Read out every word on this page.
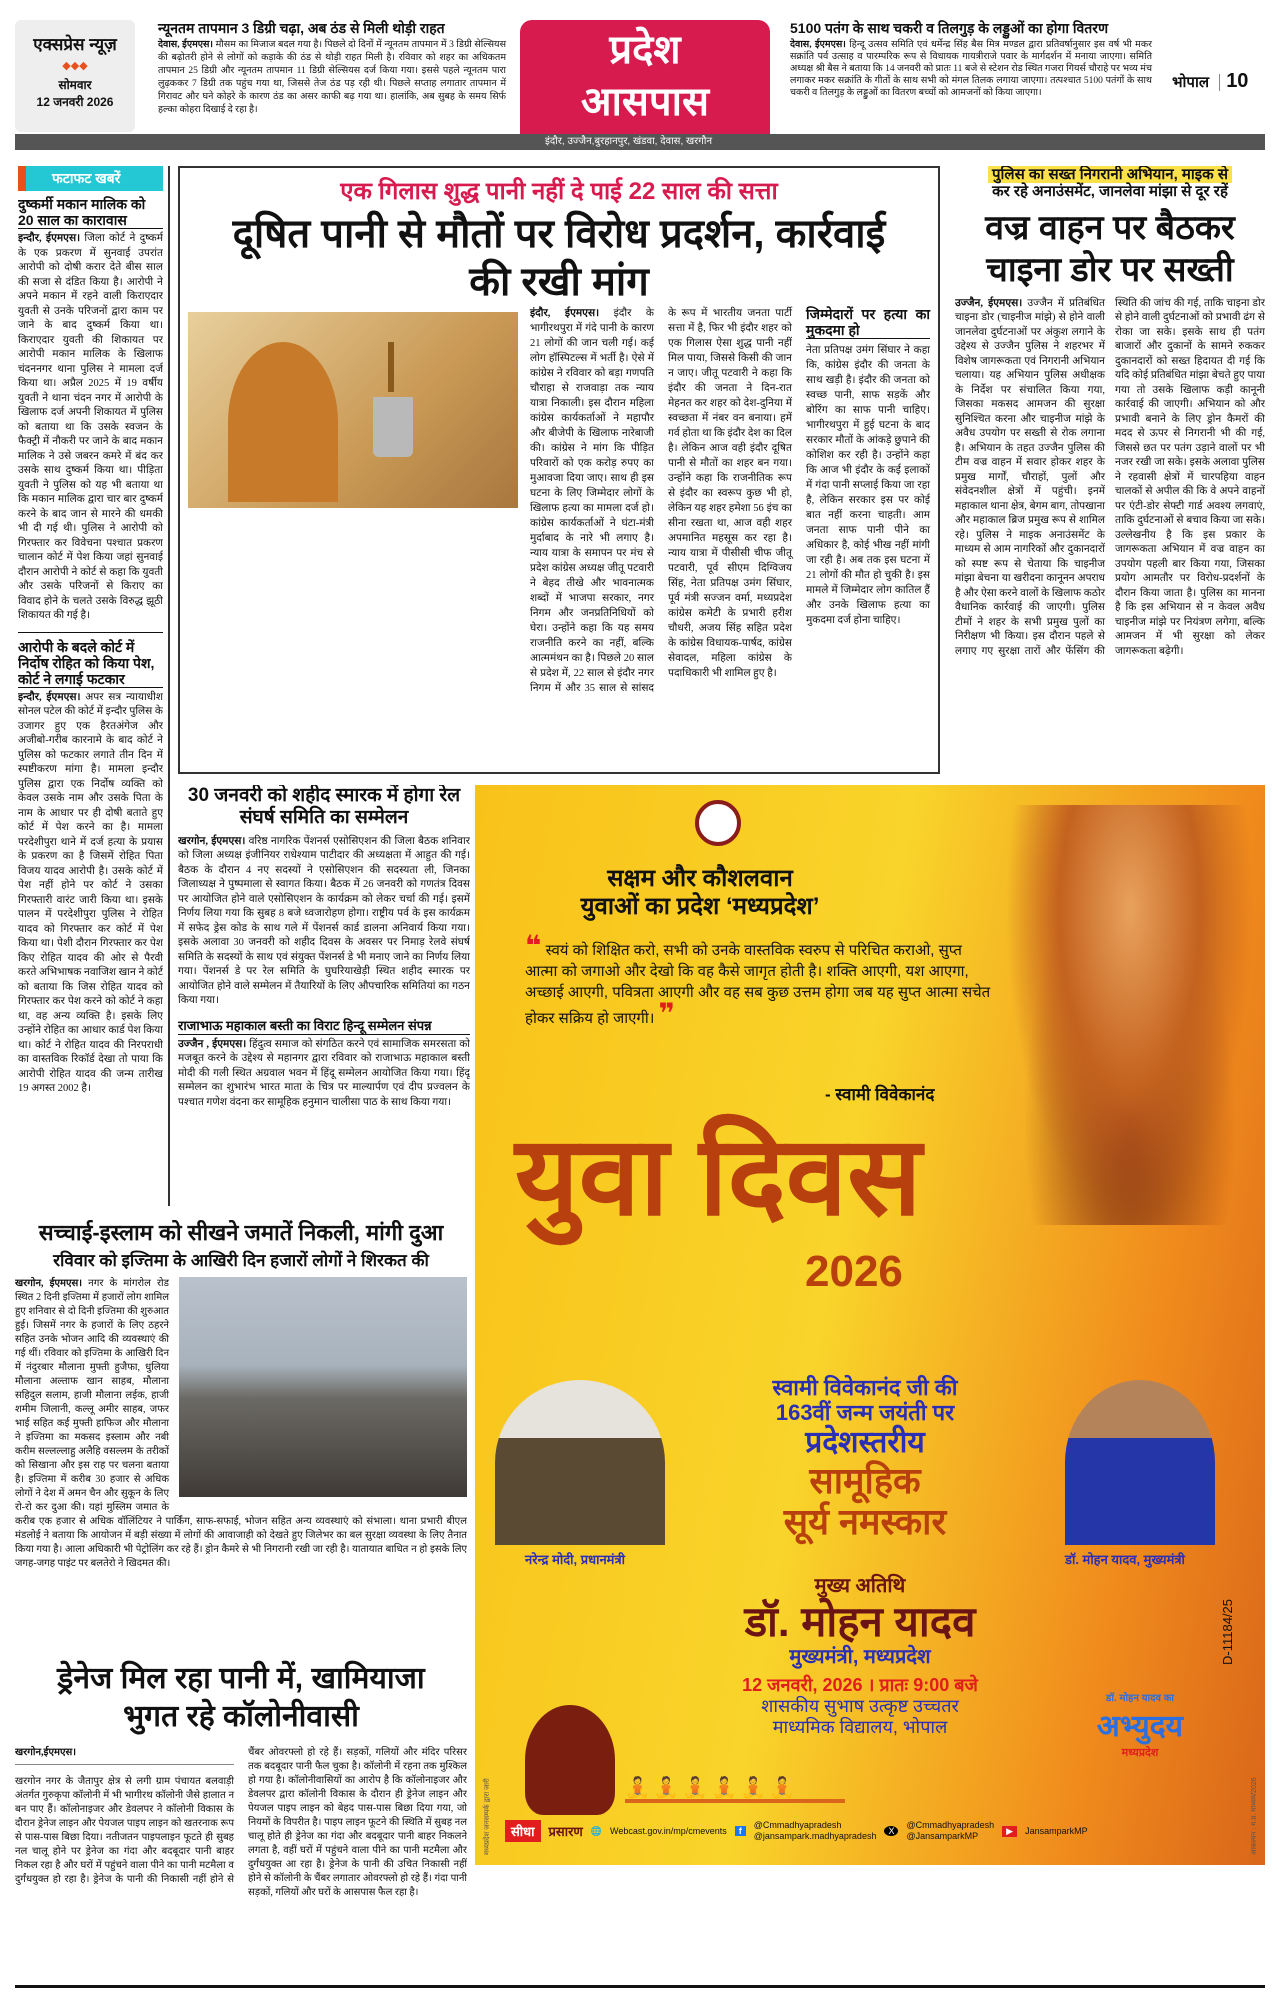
एक्सप्रेस न्यूज़
◆◆◆
सोमवार
12 जनवरी 2026
न्यूनतम तापमान 3 डिग्री चढ़ा, अब ठंड से मिली थोड़ी राहत
देवास, ईएमएस। मौसम का मिजाज बदल गया है। पिछले दो दिनों में न्यूनतम तापमान में 3 डिग्री सेल्सियस की बढ़ोतरी होने से लोगों को कड़ाके की ठंड से थोड़ी राहत मिली है। रविवार को शहर का अधिकतम तापमान 25 डिग्री और न्यूनतम तापमान 11 डिग्री सेल्सियस दर्ज किया गया। इससे पहले न्यूनतम पारा लुढ़ककर 7 डिग्री तक पहुंच गया था, जिससे तेज ठंड पड़ रही थी। पिछले सप्ताह लगातार तापमान में गिरावट और घने कोहरे के कारण ठंड का असर काफी बढ़ गया था। हालांकि, अब सुबह के समय सिर्फ हल्का कोहरा दिखाई दे रहा है।
प्रदेश
आसपास
इंदौर, उज्जैन,बुरहानपुर, खंडवा, देवास, खरगौन
5100 पतंग के साथ चकरी व तिलगुड़ के लड्डुओं का होगा वितरण
देवास, ईएमएस। हिन्दू उत्सव समिति एवं धर्मेन्द्र सिंह बैस मित्र मण्डल द्वारा प्रतिवर्षानुसार इस वर्ष भी मकर सक्रांति पर्व उत्साह व पारम्परिक रूप से विधायक गायत्रीराजे पवार के मार्गदर्शन में मनाया जाएगा। समिति अध्यक्ष श्री बैस ने बताया कि 14 जनवरी को प्रातः 11 बजे से स्टेशन रोड स्थित गजरा गियर्स चौराहे पर भव्य मंच लगाकर मकर सक्रांति के गीतों के साथ सभी को मंगल तिलक लगाया जाएगा। तत्पश्चात 5100 पतंगों के साथ चकरी व तिलगुड़ के लड्डुओं का वितरण बच्चों को आमजनों को किया जाएगा।
भोपाल 10
फटाफट खबरें
दुष्कर्मी मकान मालिक को 20 साल का कारावास
इन्दौर, ईएमएस। जिला कोर्ट ने दुष्कर्म के एक प्रकरण में सुनवाई उपरांत आरोपी को दोषी करार देते बीस साल की सजा से दंडित किया है। आरोपी ने अपने मकान में रहने वाली किराएदार युवती से उनके परिजनों द्वारा काम पर जाने के बाद दुष्कर्म किया था। किराएदार युवती की शिकायत पर आरोपी मकान मालिक के खिलाफ चंदननगर थाना पुलिस ने मामला दर्ज किया था। अप्रैल 2025 में 19 वर्षीय युवती ने थाना चंदन नगर में आरोपी के खिलाफ दर्ज अपनी शिकायत में पुलिस को बताया था कि उसके स्वजन के फैक्ट्री में नौकरी पर जाने के बाद मकान मालिक ने उसे जबरन कमरे में बंद कर उसके साथ दुष्कर्म किया था। पीड़िता युवती ने पुलिस को यह भी बताया था कि मकान मालिक द्वारा चार बार दुष्कर्म करने के बाद जान से मारने की धमकी भी दी गई थी। पुलिस ने आरोपी को गिरफ्तार कर विवेचना पश्चात प्रकरण चालान कोर्ट में पेश किया जहां सुनवाई दौरान आरोपी ने कोर्ट से कहा कि युवती और उसके परिजनों से किराए का विवाद होने के चलते उसके विरुद्ध झूठी शिकायत की गई है।
आरोपी के बदले कोर्ट में निर्दोष रोहित को किया पेश, कोर्ट ने लगाई फटकार
इन्दौर, ईएमएस। अपर सत्र न्यायाधीश सोनल पटेल की कोर्ट में इन्दौर पुलिस के उजागर हुए एक हैरतअंगेज और अजीबो-गरीब कारनामे के बाद कोर्ट ने पुलिस को फटकार लगाते तीन दिन में स्पष्टीकरण मांगा है। मामला इन्दौर पुलिस द्वारा एक निर्दोष व्यक्ति को केवल उसके नाम और उसके पिता के नाम के आधार पर ही दोषी बताते हुए कोर्ट में पेश करने का है। मामला परदेशीपुरा थाने में दर्ज हत्या के प्रयास के प्रकरण का है जिसमें रोहित पिता विजय यादव आरोपी है। उसके कोर्ट में पेश नहीं होने पर कोर्ट ने उसका गिरफ्तारी वारंट जारी किया था। इसके पालन में परदेशीपुरा पुलिस ने रोहित यादव को गिरफ्तार कर कोर्ट में पेश किया था। पेशी दौरान गिरफ्तार कर पेश किए रोहित यादव की ओर से पैरवी करते अभिभाषक नवाजिश खान ने कोर्ट को बताया कि जिस रोहित यादव को गिरफ्तार कर पेश करने को कोर्ट ने कहा था, वह अन्य व्यक्ति है। इसके लिए उन्होंने रोहित का आधार कार्ड पेश किया था। कोर्ट ने रोहित यादव की निरपराधी का वास्तविक रिकॉर्ड देखा तो पाया कि आरोपी रोहित यादव की जन्म तारीख 19 अगस्त 2002 है।
एक गिलास शुद्ध पानी नहीं दे पाई 22 साल की सत्ता
दूषित पानी से मौतों पर विरोध प्रदर्शन, कार्रवाई की रखी मांग
इंदौर, ईएमएस। इंदौर के भागीरथपुरा में गंदे पानी के कारण 21 लोगों की जान चली गई। कई लोग हॉस्पिटल्स में भर्ती है। ऐसे में कांग्रेस ने रविवार को बड़ा गणपति चौराहा से राजवाड़ा तक न्याय यात्रा निकाली। इस दौरान महिला कांग्रेस कार्यकर्ताओं ने महापौर और बीजेपी के खिलाफ नारेबाजी की। कांग्रेस ने मांग कि पीड़ित परिवारों को एक करोड़ रुपए का मुआवजा दिया जाए। साथ ही इस घटना के लिए जिम्मेदार लोगों के खिलाफ हत्या का मामला दर्ज हो। कांग्रेस कार्यकर्ताओं ने घंटा-मंत्री मुर्दाबाद के नारे भी लगाए है। न्याय यात्रा के समापन पर मंच से प्रदेश कांग्रेस अध्यक्ष जीतू पटवारी ने बेहद तीखे और भावनात्मक शब्दों में भाजपा सरकार, नगर निगम और जनप्रतिनिधियों को घेरा। उन्होंने कहा कि यह समय राजनीति करने का नहीं, बल्कि आत्ममंथन का है। पिछले 20 साल से प्रदेश में, 22 साल से इंदौर नगर निगम में और 35 साल से सांसद के रूप में भारतीय जनता पार्टी सत्ता में है, फिर भी इंदौर शहर को एक गिलास ऐसा शुद्ध पानी नहीं मिल पाया, जिससे किसी की जान न जाए। जीतू पटवारी ने कहा कि इंदौर की जनता ने दिन-रात मेहनत कर शहर को देश-दुनिया में स्वच्छता में नंबर वन बनाया। हमें गर्व होता था कि इंदौर देश का दिल है। लेकिन आज वही इंदौर दूषित पानी से मौतों का शहर बन गया। उन्होंने कहा कि राजनीतिक रूप से इंदौर का स्वरूप कुछ भी हो, लेकिन यह शहर हमेशा 56 इंच का सीना रखता था, आज वही शहर अपमानित महसूस कर रहा है। न्याय यात्रा में पीसीसी चीफ जीतू पटवारी, पूर्व सीएम दिग्विजय सिंह, नेता प्रतिपक्ष उमंग सिंघार, पूर्व मंत्री सज्जन वर्मा, मध्यप्रदेश कांग्रेस कमेटी के प्रभारी हरीश चौधरी, अजय सिंह सहित प्रदेश के कांग्रेस विधायक-पार्षद, कांग्रेस सेवादल, महिला कांग्रेस के पदाधिकारी भी शामिल हुए है।
जिम्मेदारों पर हत्या का मुकदमा हो
नेता प्रतिपक्ष उमंग सिंघार ने कहा कि, कांग्रेस इंदौर की जनता के साथ खड़ी है। इंदौर की जनता को स्वच्छ पानी, साफ सड़कें और बोरिंग का साफ पानी चाहिए। भागीरथपुरा में हुई घटना के बाद सरकार मौतों के आंकड़े छुपाने की कोशिश कर रही है। उन्होंने कहा कि आज भी इंदौर के कई इलाकों में गंदा पानी सप्लाई किया जा रहा है, लेकिन सरकार इस पर कोई बात नहीं करना चाहती। आम जनता साफ पानी पीने का अधिकार है, कोई भीख नहीं मांगी जा रही है। अब तक इस घटना में 21 लोगों की मौत हो चुकी है। इस मामले में जिम्मेदार लोग कातिल हैं और उनके खिलाफ हत्या का मुकदमा दर्ज होना चाहिए।
पुलिस का सख्त निगरानी अभियान, माइक से
कर रहे अनाउंसमेंट, जानलेवा मांझा से दूर रहें
वज्र वाहन पर बैठकर चाइना डोर पर सख्ती
उज्जैन, ईएमएस। उज्जैन में प्रतिबंधित चाइना डोर (चाइनीज मांझे) से होने वाली जानलेवा दुर्घटनाओं पर अंकुश लगाने के उद्देश्य से उज्जैन पुलिस ने शहरभर में विशेष जागरूकता एवं निगरानी अभियान चलाया। यह अभियान पुलिस अधीक्षक के निर्देश पर संचालित किया गया, जिसका मकसद आमजन की सुरक्षा सुनिश्चित करना और चाइनीज मांझे के अवैध उपयोग पर सख्ती से रोक लगाना है। अभियान के तहत उज्जैन पुलिस की टीम वज्र वाहन में सवार होकर शहर के प्रमुख मार्गों, चौराहों, पुलों और संवेदनशील क्षेत्रों में पहुंची। इनमें महाकाल थाना क्षेत्र, बेगम बाग, तोपखाना और महाकाल ब्रिज प्रमुख रूप से शामिल रहे। पुलिस ने माइक अनाउंसमेंट के माध्यम से आम नागरिकों और दुकानदारों को स्पष्ट रूप से चेताया कि चाइनीज मांझा बेचना या खरीदना कानूनन अपराध है और ऐसा करने वालों के खिलाफ कठोर वैधानिक कार्रवाई की जाएगी। पुलिस टीमों ने शहर के सभी प्रमुख पुलों का निरीक्षण भी किया। इस दौरान पहले से लगाए गए सुरक्षा तारों और फेंसिंग की स्थिति की जांच की गई, ताकि चाइना डोर से होने वाली दुर्घटनाओं को प्रभावी ढंग से रोका जा सके। इसके साथ ही पतंग बाजारों और दुकानों के सामने रुककर दुकानदारों को सख्त हिदायत दी गई कि यदि कोई प्रतिबंधित मांझा बेचते हुए पाया गया तो उसके खिलाफ कड़ी कानूनी कार्रवाई की जाएगी। अभियान को और प्रभावी बनाने के लिए ड्रोन कैमरों की मदद से ऊपर से निगरानी भी की गई, जिससे छत पर पतंग उड़ाने वालों पर भी नजर रखी जा सके। इसके अलावा पुलिस ने रहवासी क्षेत्रों में चारपहिया वाहन चालकों से अपील की कि वे अपने वाहनों पर एंटी-डोर सेफ्टी गार्ड अवश्य लगवाएं, ताकि दुर्घटनाओं से बचाव किया जा सके। उल्लेखनीय है कि इस प्रकार के जागरूकता अभियान में वज्र वाहन का उपयोग पहली बार किया गया, जिसका प्रयोग आमतौर पर विरोध-प्रदर्शनों के दौरान किया जाता है। पुलिस का मानना है कि इस अभियान से न केवल अवैध चाइनीज मांझे पर नियंत्रण लगेगा, बल्कि आमजन में भी सुरक्षा को लेकर जागरूकता बढ़ेगी।
30 जनवरी को शहीद स्मारक में होगा रेल संघर्ष समिति का सम्मेलन
खरगोन, ईएमएस। वरिष्ठ नागरिक पेंशनर्स एसोसिएशन की जिला बैठक शनिवार को जिला अध्यक्ष इंजीनियर राधेश्याम पाटीदार की अध्यक्षता में आहुत की गई। बैठक के दौरान 4 नए सदस्यों ने एसोसिएशन की सदस्यता ली, जिनका जिलाध्यक्ष ने पुष्पमाला से स्वागत किया। बैठक में 26 जनवरी को गणतंत्र दिवस पर आयोजित होने वाले एसोसिएशन के कार्यक्रम को लेकर चर्चा की गई। इसमें निर्णय लिया गया कि सुबह 8 बजे ध्वजारोहण होगा। राष्ट्रीय पर्व के इस कार्यक्रम में सफेद ड्रेस कोड के साथ गले में पेंशनर्स कार्ड डालना अनिवार्य किया गया। इसके अलावा 30 जनवरी को शहीद दिवस के अवसर पर निमाड़ रेलवे संघर्ष समिति के सदस्यों के साथ एवं संयुक्त पेंशनर्स डे भी मनाए जाने का निर्णय लिया गया। पेंशनर्स डे पर रेल समिति के घुघरियाखेड़ी स्थित शहीद स्मारक पर आयोजित होने वाले सम्मेलन में तैयारियों के लिए औपचारिक समितियां का गठन किया गया।
राजाभाऊ महाकाल बस्ती का विराट हिन्दू सम्मेलन संपन्न
उज्जैन , ईएमएस। हिंदुत्व समाज को संगठित करने एवं सामाजिक समरसता को मजबूत करने के उद्देश्य से महानगर द्वारा रविवार को राजाभाऊ महाकाल बस्ती मोदी की गली स्थित अग्रवाल भवन में हिंदू सम्मेलन आयोजित किया गया। हिंदू सम्मेलन का शुभारंभ भारत माता के चित्र पर माल्यार्पण एवं दीप प्रज्वलन के पश्चात गणेश वंदना कर सामूहिक हनुमान चालीसा पाठ के साथ किया गया।
सक्षम और कौशलवान
युवाओं का प्रदेश ‘मध्यप्रदेश’
❝ स्वयं को शिक्षित करो, सभी को उनके वास्तविक स्वरुप से परिचित कराओ, सुप्त आत्मा को जगाओ और देखो कि वह कैसे जागृत होती है। शक्ति आएगी, यश आएगा, अच्छाई आएगी, पवित्रता आएगी और वह सब कुछ उत्तम होगा जब यह सुप्त आत्मा सचेत होकर सक्रिय हो जाएगी। ❞
- स्वामी विवेकानंद
युवा दिवस
2026
नरेन्द्र मोदी, प्रधानमंत्री	डॉ. मोहन यादव, मुख्यमंत्री
स्वामी विवेकानंद जी की
163वीं जन्म जयंती पर
प्रदेशस्तरीय
सामूहिक
सूर्य नमस्कार
मुख्य अतिथि
डॉ. मोहन यादव
मुख्यमंत्री, मध्यप्रदेश
12 जनवरी, 2026 । प्रातः 9:00 बजे
शासकीय सुभाष उत्कृष्ट उच्चतर
माध्यमिक विद्यालय, भोपाल
🧘🧘🧘🧘🧘🧘
D-11184/25
मध्यप्रदेश जनसम्पर्क द्वारा जारी	आकल्पन : म.प्र. माध्यम/2026
डॉ. मोहन यादव का
अभ्युदय
मध्यप्रदेश
सीधा	प्रसारण 🌐 Webcast.gov.in/mp/cmevents	f
@Cmmadhyapradesh @jansampark.madhyapradesh	X
@Cmmadhyapradesh @JansamparkMP
▶	JansamparkMP
सच्चाई-इस्लाम को सीखने जमातें निकली, मांगी दुआ
रविवार को इज्तिमा के आखिरी दिन हजारों लोगों ने शिरकत की
खरगोन, ईएमएस। नगर के मांगरोल रोड स्थित 2 दिनी इज्तिमा में हजारों लोग शामिल हुए शनिवार से दो दिनी इज्तिमा की शुरुआत हुई। जिसमें नगर के हजारों के लिए ठहरने सहित उनके भोजन आदि की व्यवस्थाएं की गई थीं। रविवार को इज्तिमा के आखिरी दिन में नंदुरबार मौलाना मुफ्ती हुजैफा, धुलिया मौलाना अल्ताफ खान साहब, मौलाना सहिदुल सलाम, हाजी मौलाना लईक, हाजी शमीम जिलानी, कल्लू अमीर साहब, जफर भाई सहित कई मुफ्ती हाफिज और मौलाना ने इज्तिमा का मकसद इस्लाम और नबी करीम सल्लल्लाहु अलैहि वसल्लम के तरीकों को सिखाना और इस राह पर चलना बताया है। इज्तिमा में करीब 30 हजार से अधिक लोगों ने देश में अमन चैन और सुकून के लिए रो-रो कर दुआ की। यहां मुस्लिम जमात के करीब एक हजार से अधिक वॉलिंटियर ने पार्किंग, साफ-सफाई, भोजन सहित अन्य व्यवस्थाएं को संभाला। थाना प्रभारी बीएल मंडलोई ने बताया कि आयोजन में बड़ी संख्या में लोगों की आवाजाही को देखते हुए जिलेभर का बल सुरक्षा व्यवस्था के लिए तैनात किया गया है। आला अधिकारी भी पेट्रोलिंग कर रहे हैं। ड्रोन कैमरे से भी निगरानी रखी जा रही है। यातायात बाधित न हो इसके लिए जगह-जगह पाइंट पर बलतेरो ने खिदमत की।
ड्रेनेज मिल रहा पानी में, खामियाजा भुगत रहे कॉलोनीवासी
खरगोन,ईएमएस।
खरगोन नगर के जैतापुर क्षेत्र से लगी ग्राम पंचायत बलवाड़ी अंतर्गत गुरुकृपा कॉलोनी में भी भागीरथ कॉलोनी जैसे हालात न बन पाए हैं। कॉलोनाइजर और डेवलपर ने कॉलोनी विकास के दौरान ड्रेनेज लाइन और पेयजल पाइप लाइन को खतरनाक रूप से पास-पास बिछा दिया। नतीजतन पाइपलाइन फूटते ही सुबह नल चालू होने पर ड्रेनेज का गंदा और बदबूदार पानी बाहर निकल रहा है और घरों में पहुंचने वाला पीने का पानी मटमैला व दुर्गंधयुक्त हो रहा है। ड्रेनेज के पानी की निकासी नहीं होने से चैंबर ओवरफ्लो हो रहे हैं। सड़कों, गलियों और मंदिर परिसर तक बदबूदार पानी फैल चुका है। कॉलोनी में रहना तक मुश्किल हो गया है। कॉलोनीवासियों का आरोप है कि कॉलोनाइजर और डेवलपर द्वारा कॉलोनी विकास के दौरान ही ड्रेनेज लाइन और पेयजल पाइप लाइन को बेहद पास-पास बिछा दिया गया, जो नियमों के विपरीत है। पाइप लाइन फूटने की स्थिति में सुबह नल चालू होते ही ड्रेनेज का गंदा और बदबूदार पानी बाहर निकलने लगता है, वहीं घरों में पहुंचने वाला पीने का पानी मटमैला और दुर्गंधयुक्त आ रहा है। ड्रेनेज के पानी की उचित निकासी नहीं होने से कॉलोनी के चैंबर लगातार ओवरफ्लो हो रहे हैं। गंदा पानी सड़कों, गलियों और घरों के आसपास फैल रहा है।
